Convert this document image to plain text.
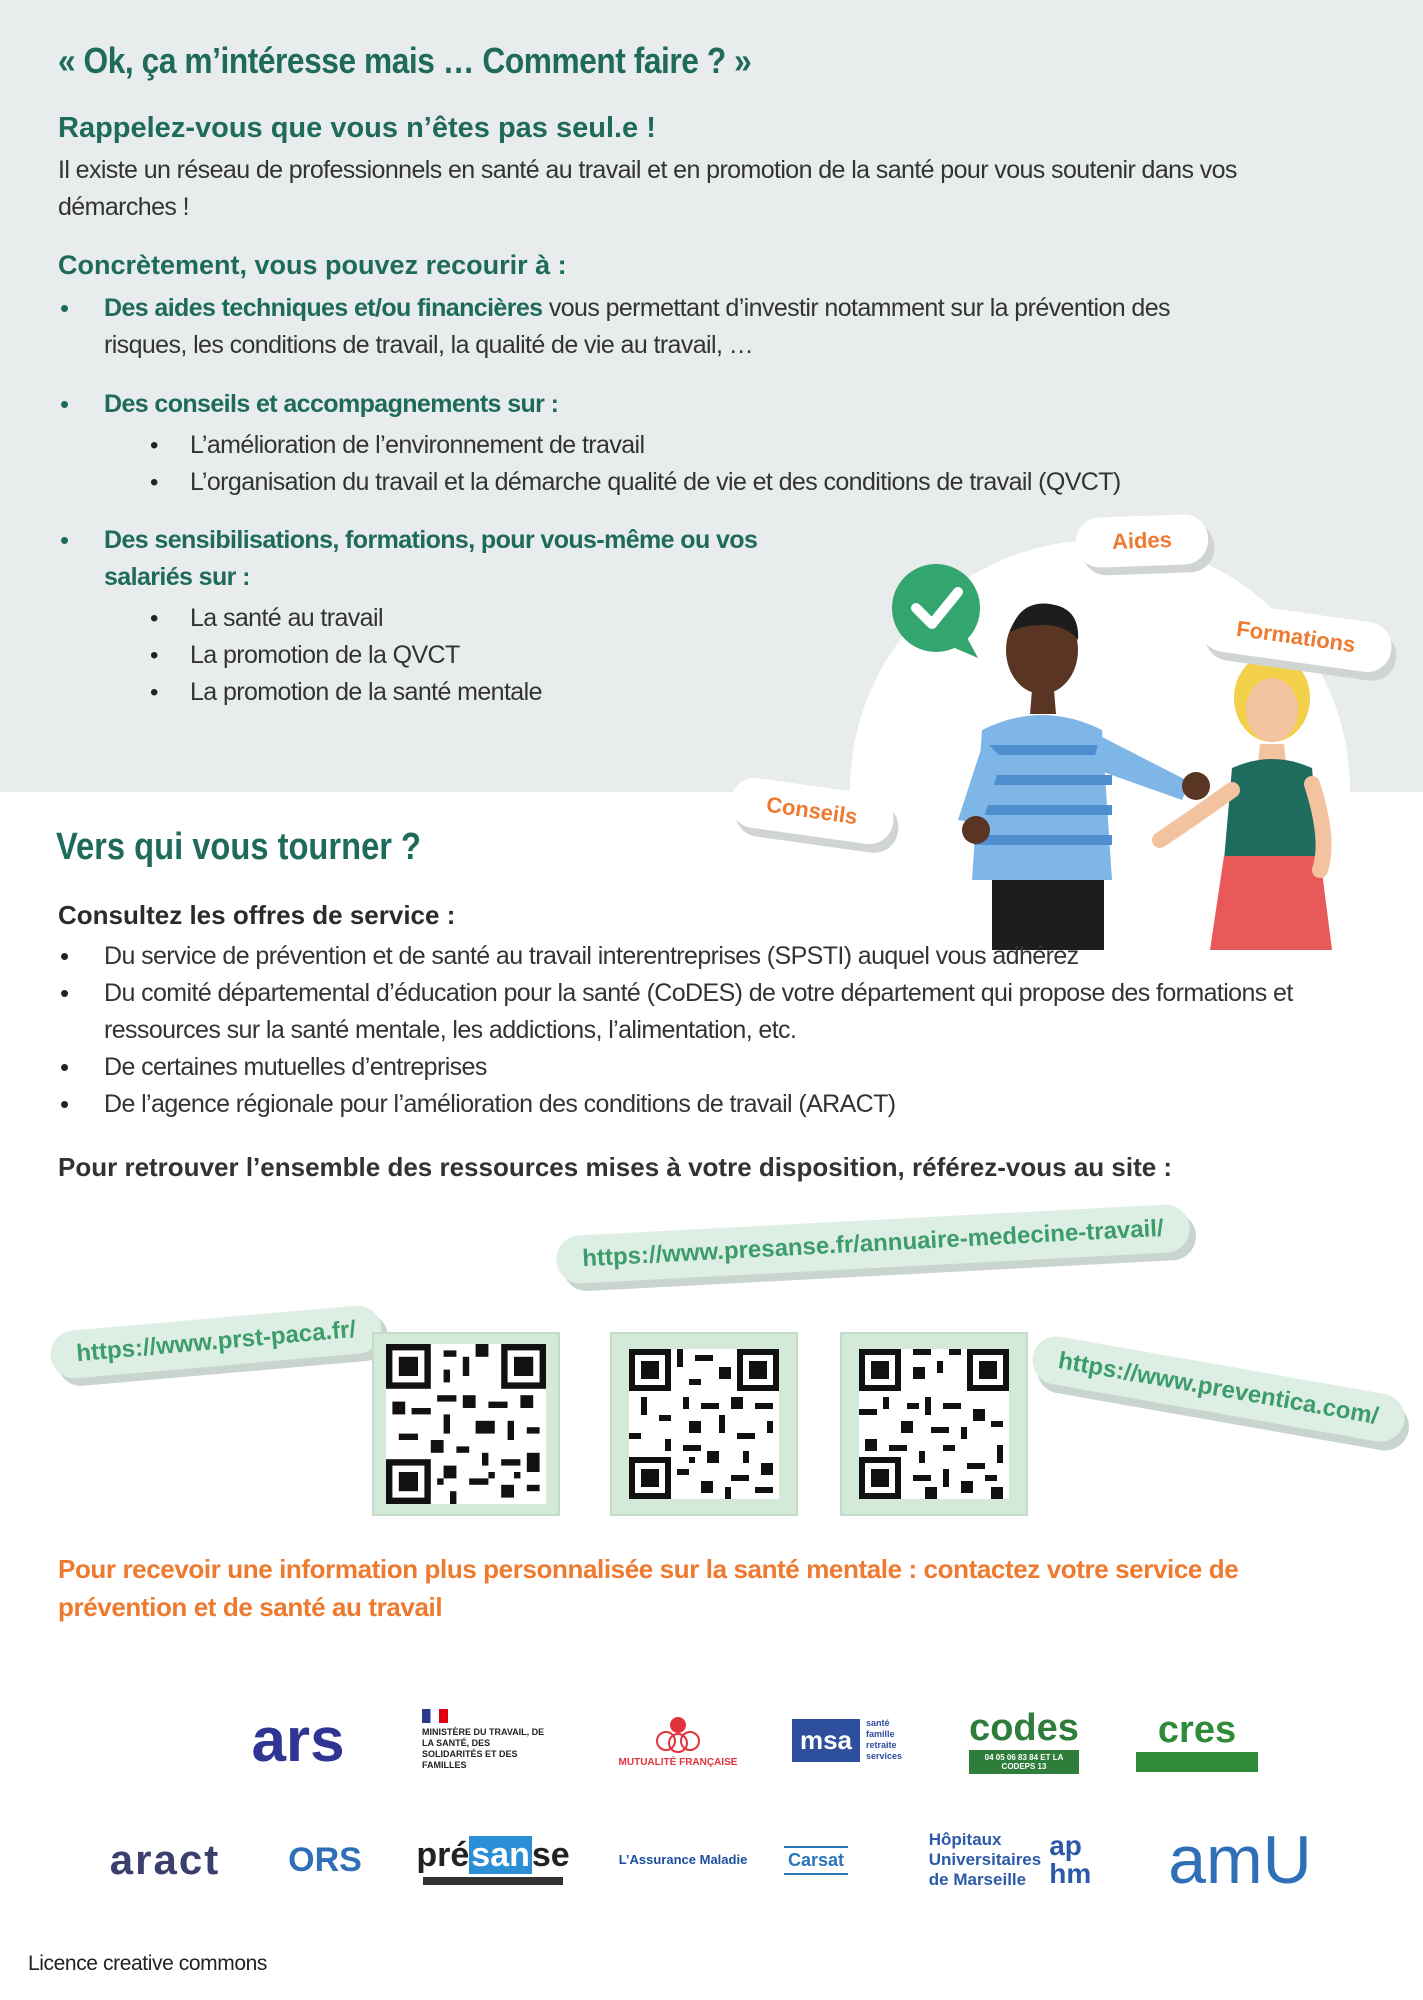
« Ok, ça m’intéresse mais … Comment faire ? »
Rappelez-vous que vous n’êtes pas seul.e !
Il existe un réseau de professionnels en santé au travail et en promotion de la santé pour vous soutenir dans vos démarches !
Concrètement, vous pouvez recourir à :
• Des aides techniques et/ou financières vous permettant d’investir notamment sur la prévention des risques, les conditions de travail, la qualité de vie au travail, …
• Des conseils et accompagnements sur :
• L’amélioration de l’environnement de travail
• L’organisation du travail et la démarche qualité de vie et des conditions de travail (QVCT)
• Des sensibilisations, formations, pour vous-même ou vos salariés sur :
• La santé au travail
• La promotion de la QVCT
• La promotion de la santé mentale
Aides
Formations
Conseils
Vers qui vous tourner ?
Consultez les offres de service :
• Du service de prévention et de santé au travail interentreprises (SPSTI) auquel vous adhérez
• Du comité départemental d’éducation pour la santé (CoDES) de votre département qui propose des formations et ressources sur la santé mentale, les addictions, l’alimentation, etc.
• De certaines mutuelles d’entreprises
• De l’agence régionale pour l’amélioration des conditions de travail (ARACT)
Pour retrouver l’ensemble des ressources mises à votre disposition, référez-vous au site :
https://www.prst-paca.fr/
https://www.presanse.fr/annuaire-medecine-travail/
https://www.preventica.com/
Pour recevoir une information plus personnalisée sur la santé mentale : contactez votre service de prévention et de santé au travail
ars	MINISTÈRE DU TRAVAIL, DE LA SANTÉ, DES SOLIDARITÉS ET DES FAMILLES	MUTUALITÉ FRANÇAISE
msa
santé
famille
retraite
services
codes
04 05 06 83 84 ET LA CODEPS 13
cres
aract ORS présanse	L’Assurance Maladie Carsat
Hôpitaux
Universitaires
de Marseille
ap
hm amU
Licence creative commons
